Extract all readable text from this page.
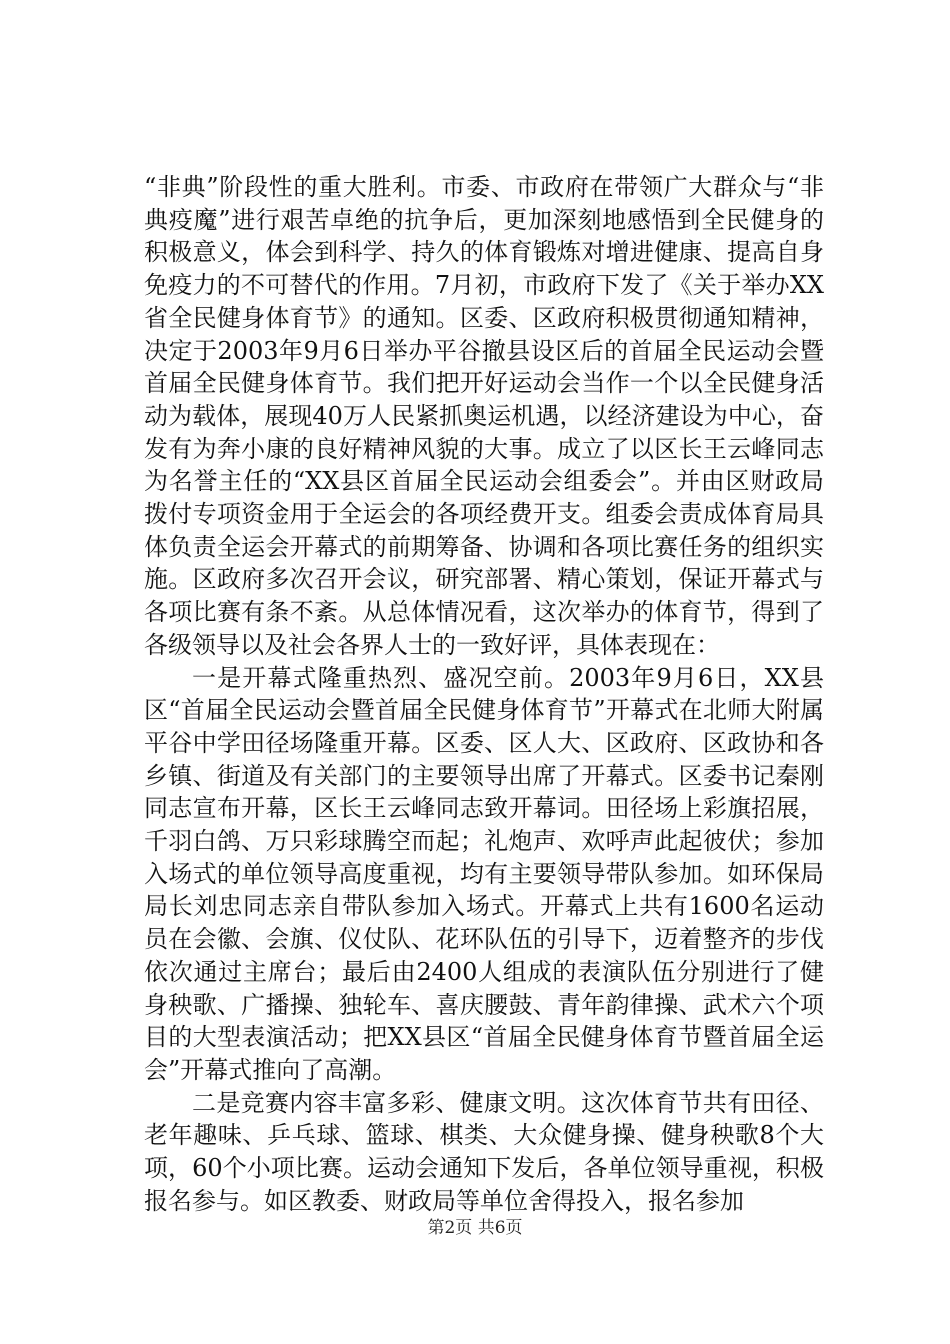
“非典”阶段性的重大胜利。市委、市政府在带领广大群众与“非典疫魔”进行艰苦卓绝的抗争后，更加深刻地感悟到全民健身的积极意义，体会到科学、持久的体育锻炼对增进健康、提高自身免疫力的不可替代的作用。7月初，市政府下发了《关于举办XX省全民健身体育节》的通知。区委、区政府积极贯彻通知精神，决定于2003年9月6日举办平谷撤县设区后的首届全民运动会暨首届全民健身体育节。我们把开好运动会当作一个以全民健身活动为载体，展现40万人民紧抓奥运机遇，以经济建设为中心，奋发有为奔小康的良好精神风貌的大事。成立了以区长王云峰同志为名誉主任的“XX县区首届全民运动会组委会”。并由区财政局拨付专项资金用于全运会的各项经费开支。组委会责成体育局具体负责全运会开幕式的前期筹备、协调和各项比赛任务的组织实施。区政府多次召开会议，研究部署、精心策划，保证开幕式与各项比赛有条不紊。从总体情况看，这次举办的体育节，得到了各级领导以及社会各界人士的一致好评，具体表现在：

一是开幕式隆重热烈、盛况空前。2003年9月6日，XX县区“首届全民运动会暨首届全民健身体育节”开幕式在北师大附属平谷中学田径场隆重开幕。区委、区人大、区政府、区政协和各乡镇、街道及有关部门的主要领导出席了开幕式。区委书记秦刚同志宣布开幕，区长王云峰同志致开幕词。田径场上彩旗招展，千羽白鸽、万只彩球腾空而起；礼炮声、欢呼声此起彼伏；参加入场式的单位领导高度重视，均有主要领导带队参加。如环保局局长刘忠同志亲自带队参加入场式。开幕式上共有1600名运动员在会徽、会旗、仪仗队、花环队伍的引导下，迈着整齐的步伐依次通过主席台；最后由2400人组成的表演队伍分别进行了健身秧歌、广播操、独轮车、喜庆腰鼓、青年韵律操、武术六个项目的大型表演活动；把XX县区“首届全民健身体育节暨首届全运会”开幕式推向了高潮。

二是竞赛内容丰富多彩、健康文明。这次体育节共有田径、老年趣味、乒乓球、篮球、棋类、大众健身操、健身秧歌8个大项，60个小项比赛。运动会通知下发后，各单位领导重视，积极报名参与。如区教委、财政局等单位舍得投入，报名参加

第2页 共6页
